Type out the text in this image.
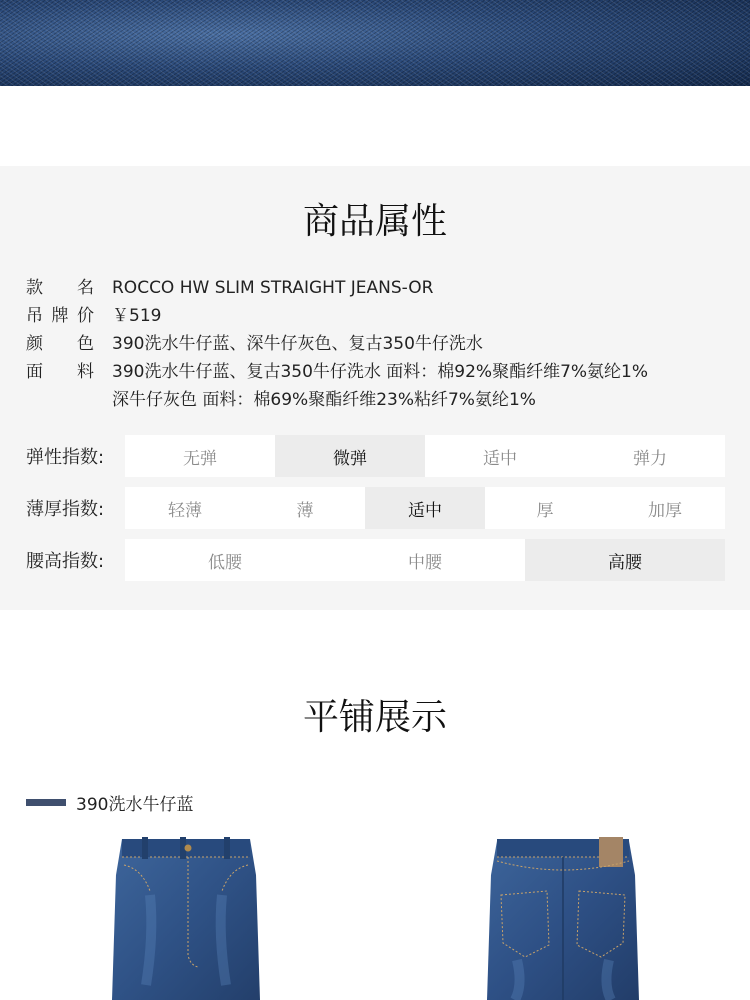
商品属性
款 名	ROCCO HW SLIM STRAIGHT JEANS-OR
吊 牌 价	￥519
颜 色	390洗水牛仔蓝、深牛仔灰色、复古350牛仔洗水
面 料	390洗水牛仔蓝、复古350牛仔洗水 面料：棉92%聚酯纤维7%氨纶1%
深牛仔灰色 面料：棉69%聚酯纤维23%粘纤7%氨纶1%
弹性指数:	无弹	微弹	适中	弹力
薄厚指数:	轻薄	薄	适中	厚	加厚
腰高指数:	低腰	中腰	高腰
平铺展示
390洗水牛仔蓝
